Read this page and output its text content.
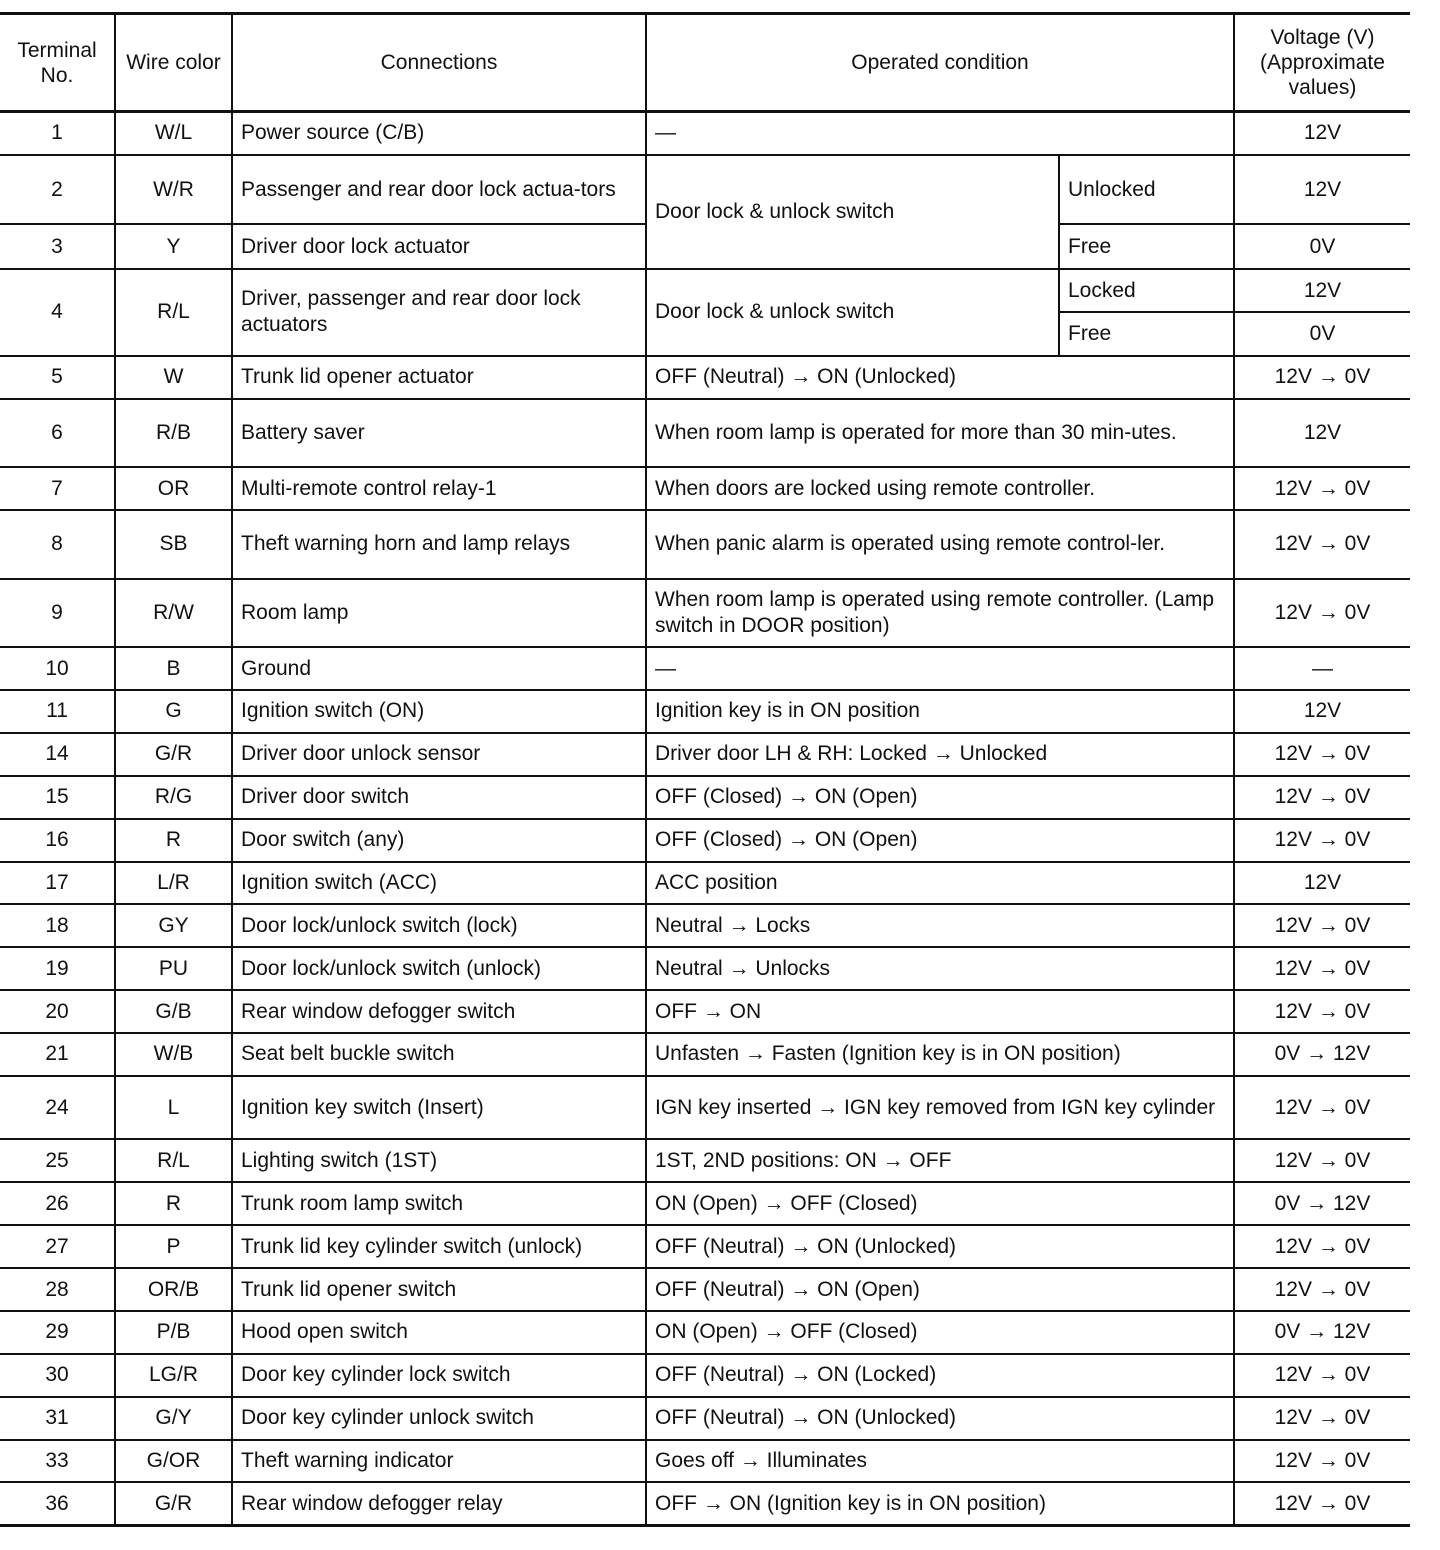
Terminal No.	Wire color	Connections	Operated condition		Voltage (V) (Approximate values)
1	W/L	Power source (C/B)	—		12V
2	W/R	Passenger and rear door lock actua-tors	Door lock & unlock switch	Unlocked	12V
3	Y	Driver door lock actuator		Free	0V
4	R/L	Driver, passenger and rear door lock actuators	Door lock & unlock switch	Locked	12V
				Free	0V
5	W	Trunk lid opener actuator	OFF (Neutral) → ON (Unlocked)		12V → 0V
6	R/B	Battery saver	When room lamp is operated for more than 30 min-utes.		12V
7	OR	Multi-remote control relay-1	When doors are locked using remote controller.		12V → 0V
8	SB	Theft warning horn and lamp relays	When panic alarm is operated using remote control-ler.		12V → 0V
9	R/W	Room lamp	When room lamp is operated using remote controller. (Lamp switch in DOOR position)		12V → 0V
10	B	Ground	—		—
11	G	Ignition switch (ON)	Ignition key is in ON position		12V
14	G/R	Driver door unlock sensor	Driver door LH & RH: Locked → Unlocked		12V → 0V
15	R/G	Driver door switch	OFF (Closed) → ON (Open)		12V → 0V
16	R	Door switch (any)	OFF (Closed) → ON (Open)		12V → 0V
17	L/R	Ignition switch (ACC)	ACC position		12V
18	GY	Door lock/unlock switch (lock)	Neutral → Locks		12V → 0V
19	PU	Door lock/unlock switch (unlock)	Neutral → Unlocks		12V → 0V
20	G/B	Rear window defogger switch	OFF → ON		12V → 0V
21	W/B	Seat belt buckle switch	Unfasten → Fasten (Ignition key is in ON position)		0V → 12V
24	L	Ignition key switch (Insert)	IGN key inserted → IGN key removed from IGN key cylinder		12V → 0V
25	R/L	Lighting switch (1ST)	1ST, 2ND positions: ON → OFF		12V → 0V
26	R	Trunk room lamp switch	ON (Open) → OFF (Closed)		0V → 12V
27	P	Trunk lid key cylinder switch (unlock)	OFF (Neutral) → ON (Unlocked)		12V → 0V
28	OR/B	Trunk lid opener switch	OFF (Neutral) → ON (Open)		12V → 0V
29	P/B	Hood open switch	ON (Open) → OFF (Closed)		0V → 12V
30	LG/R	Door key cylinder lock switch	OFF (Neutral) → ON (Locked)		12V → 0V
31	G/Y	Door key cylinder unlock switch	OFF (Neutral) → ON (Unlocked)		12V → 0V
33	G/OR	Theft warning indicator	Goes off → Illuminates		12V → 0V
36	G/R	Rear window defogger relay	OFF → ON (Ignition key is in ON position)		12V → 0V
